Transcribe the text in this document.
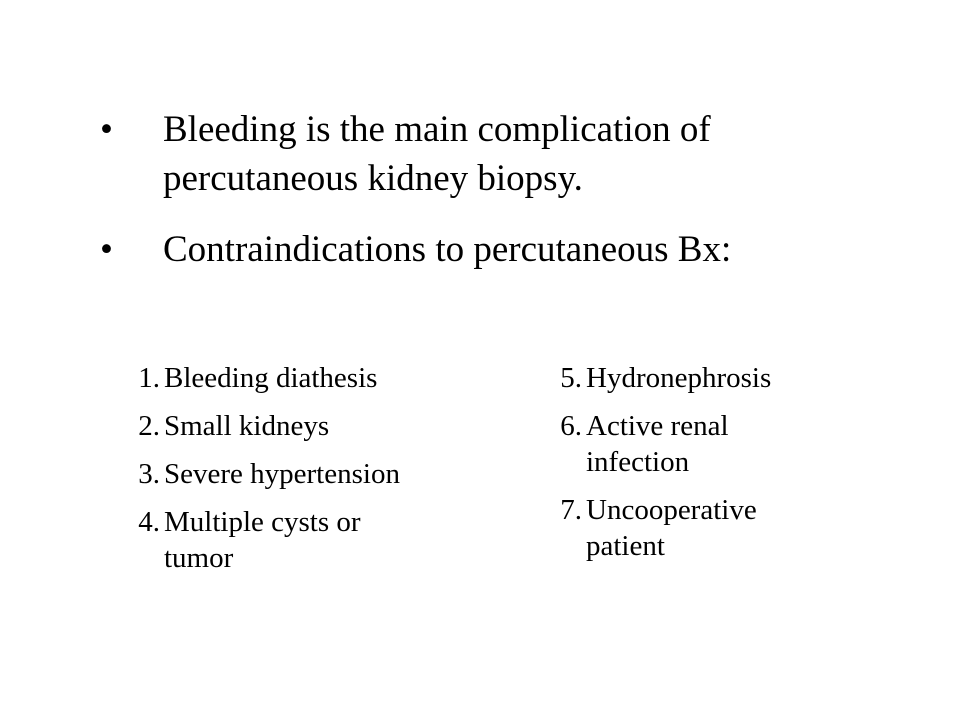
•	Bleeding is the main complication of percutaneous kidney biopsy.
•	Contraindications to percutaneous Bx:
1. Bleeding diathesis
2. Small kidneys
3. Severe hypertension
4. Multiple cysts or tumor
5. Hydronephrosis
6. Active renal infection
7. Uncooperative patient
